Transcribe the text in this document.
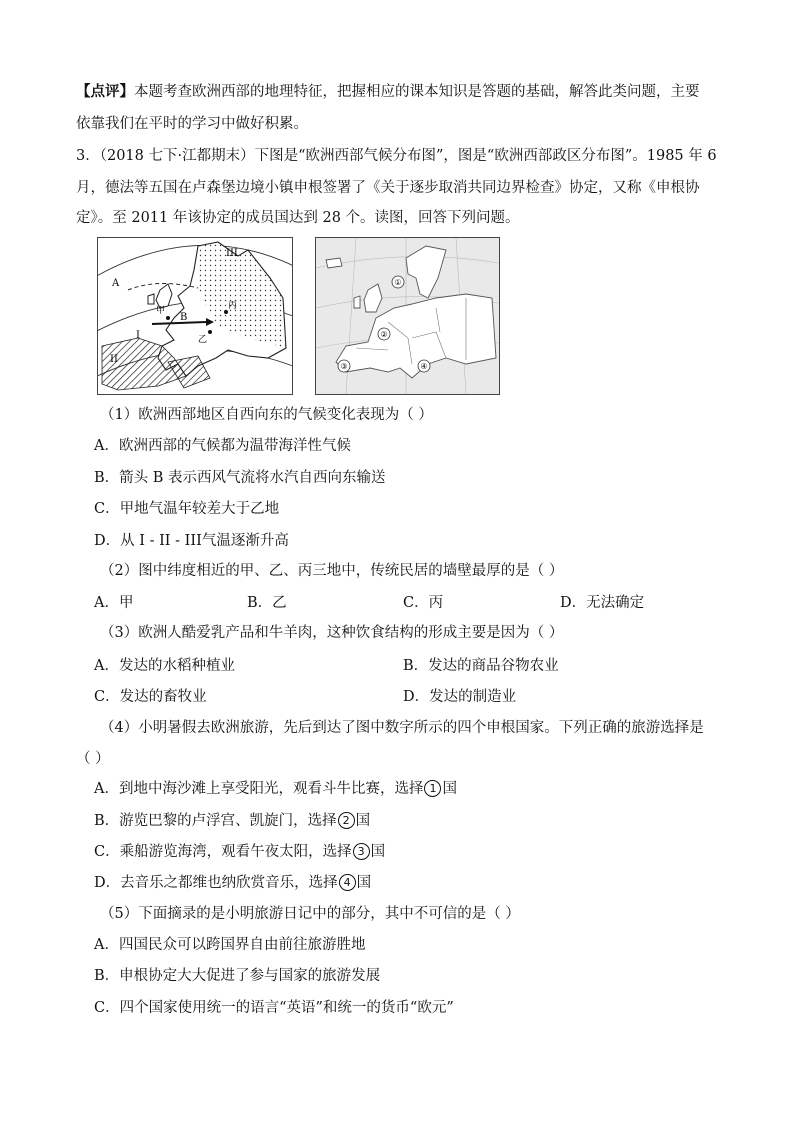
【点评】本题考查欧洲西部的地理特征，把握相应的课本知识是答题的基础，解答此类问题，主要
依靠我们在平时的学习中做好积累。
3．（2018 七下·江都期末）下图是“欧洲西部气候分布图”，图是“欧洲西部政区分布图”。1985 年 6
月，德法等五国在卢森堡边境小镇申根签署了《关于逐步取消共同边界检查》协定，又称《申根协
定》。至 2011 年该协定的成员国达到 28 个。读图，回答下列问题。
III
A
甲
B
乙
丙
I
II
①
②
③	④
（1）欧洲西部地区自西向东的气候变化表现为（ ）
A．欧洲西部的气候都为温带海洋性气候
B．箭头 B 表示西风气流将水汽自西向东输送
C．甲地气温年较差大于乙地
D．从 I - II - III气温逐渐升高
（2）图中纬度相近的甲、乙、丙三地中，传统民居的墙壁最厚的是（ ）
A．甲	B．乙	C．丙	D．无法确定
（3）欧洲人酷爱乳产品和牛羊肉，这种饮食结构的形成主要是因为（ ）
A．发达的水稻种植业	B．发达的商品谷物农业
C．发达的畜牧业	D．发达的制造业
（4）小明暑假去欧洲旅游，先后到达了图中数字所示的四个申根国家。下列正确的旅游选择是
（ ）
A．到地中海沙滩上享受阳光，观看斗牛比赛，选择 1 国
B．游览巴黎的卢浮宫、凯旋门，选择 2 国
C．乘船游览海湾，观看午夜太阳，选择 3 国
D．去音乐之都维也纳欣赏音乐，选择 4 国
（5）下面摘录的是小明旅游日记中的部分，其中不可信的是（ ）
A．四国民众可以跨国界自由前往旅游胜地
B．申根协定大大促进了参与国家的旅游发展
C．四个国家使用统一的语言“英语”和统一的货币“欧元”
